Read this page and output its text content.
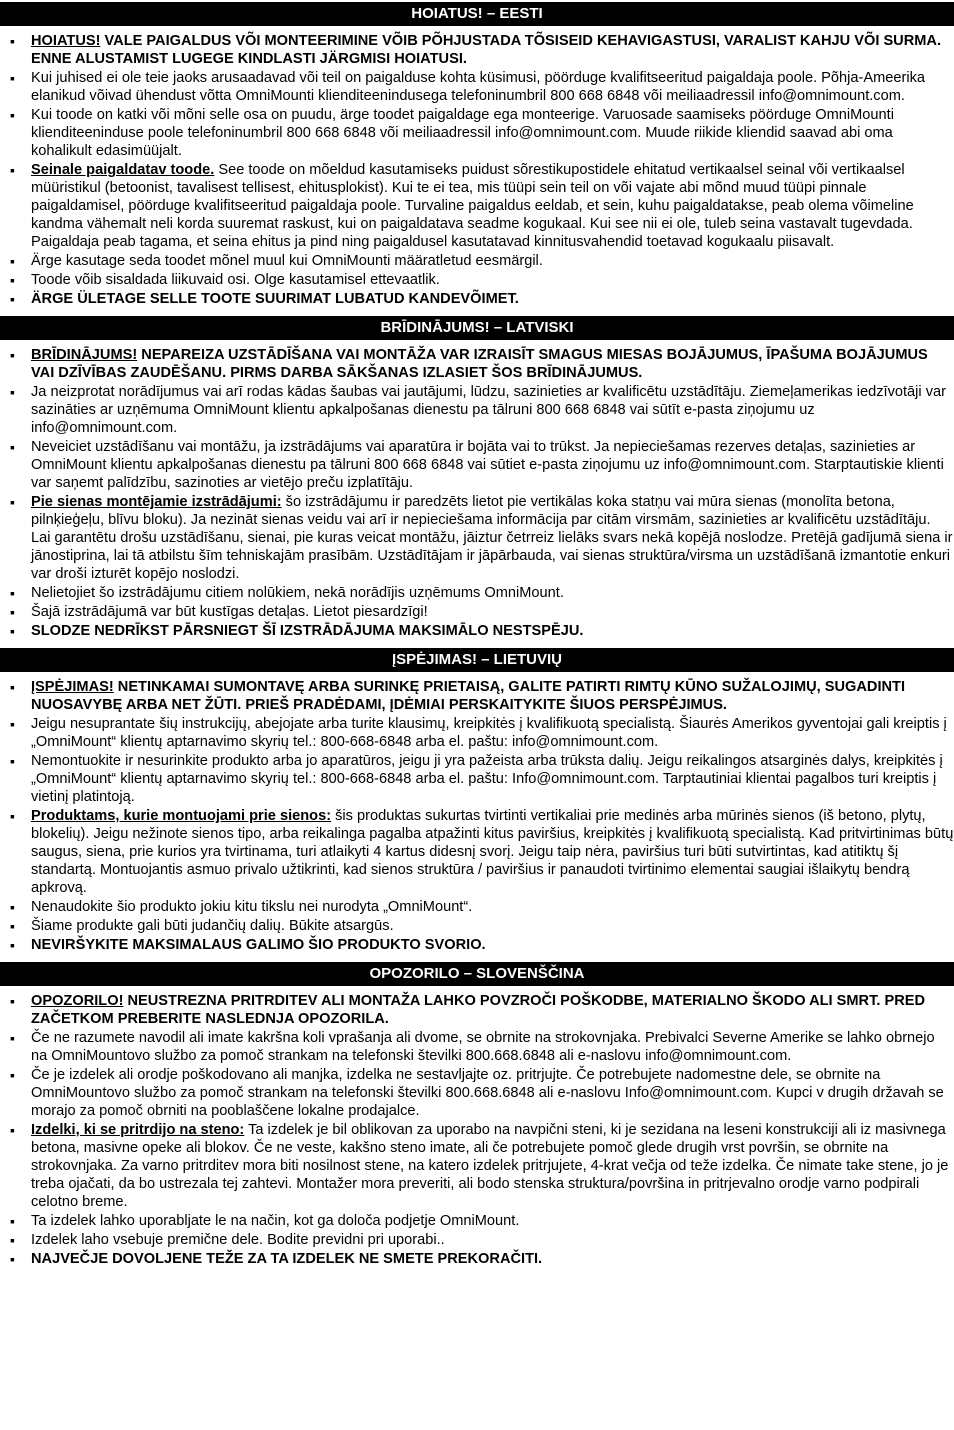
HOIATUS! – EESTI
▪ HOIATUS! VALE PAIGALDUS VÕI MONTEERIMINE VÕIB PÕHJUSTADA TÕSISEID KEHAVIGASTUSI, VARALIST KAHJU VÕI SURMA. ENNE ALUSTAMIST LUGEGE KINDLASTI JÄRGMISI HOIATUSI.
▪ Kui juhised ei ole teie jaoks arusaadavad või teil on paigalduse kohta küsimusi, pöörduge kvalifitseeritud paigaldaja poole. Põhja-Ameerika elanikud võivad ühendust võtta OmniMounti klienditeenindusega telefoninumbril 800 668 6848 või meiliaadressil info@omnimount.com.
▪ Kui toode on katki või mõni selle osa on puudu, ärge toodet paigaldage ega monteerige. Varuosade saamiseks pöörduge OmniMounti klienditeeninduse poole telefoninumbril 800 668 6848 või meiliaadressil info@omnimount.com. Muude riikide kliendid saavad abi oma kohalikult edasimüüjalt.
▪ Seinale paigaldatav toode. See toode on mõeldud kasutamiseks puidust sõrestikupostidele ehitatud vertikaalsel seinal või vertikaalsel müüristikul (betoonist, tavalisest tellisest, ehitusplokist). Kui te ei tea, mis tüüpi sein teil on või vajate abi mõnd muud tüüpi pinnale paigaldamisel, pöörduge kvalifitseeritud paigaldaja poole. Turvaline paigaldus eeldab, et sein, kuhu paigaldatakse, peab olema võimeline kandma vähemalt neli korda suuremat raskust, kui on paigaldatava seadme kogukaal. Kui see nii ei ole, tuleb seina vastavalt tugevdada. Paigaldaja peab tagama, et seina ehitus ja pind ning paigaldusel kasutatavad kinnitusvahendid toetavad kogukaalu piisavalt.
▪ Ärge kasutage seda toodet mõnel muul kui OmniMounti määratletud eesmärgil.
▪ Toode võib sisaldada liikuvaid osi. Olge kasutamisel ettevaatlik.
▪ ÄRGE ÜLETAGE SELLE TOOTE SUURIMAT LUBATUD KANDEVÕIMET.
BRĪDINĀJUMS! – LATVISKI
▪ BRĪDINĀJUMS! NEPAREIZA UZSTĀDĪŠANA VAI MONTĀŽA VAR IZRAISĪT SMAGUS MIESAS BOJĀJUMUS, ĪPAŠUMA BOJĀJUMUS VAI DZĪVĪBAS ZAUDĒŠANU. PIRMS DARBA SĀKŠANAS IZLASIET ŠOS BRĪDINĀJUMUS.
▪ Ja neizprotat norādījumus vai arī rodas kādas šaubas vai jautājumi, lūdzu, sazinieties ar kvalificētu uzstādītāju. Ziemeļamerikas iedzīvotāji var sazināties ar uzņēmuma OmniMount klientu apkalpošanas dienestu pa tālruni 800 668 6848 vai sūtīt e-pasta ziņojumu uz info@omnimount.com.
▪ Neveiciet uzstādīšanu vai montāžu, ja izstrādājums vai aparatūra ir bojāta vai to trūkst. Ja nepieciešamas rezerves detaļas, sazinieties ar OmniMount klientu apkalpošanas dienestu pa tālruni 800 668 6848 vai sūtiet e-pasta ziņojumu uz info@omnimount.com. Starptautiskie klienti var saņemt palīdzību, sazinoties ar vietējo preču izplatītāju.
▪ Pie sienas montējamie izstrādājumi: šo izstrādājumu ir paredzēts lietot pie vertikālas koka statņu vai mūra sienas (monolīta betona, pilnķieģeļu, blīvu bloku). Ja nezināt sienas veidu vai arī ir nepieciešama informācija par citām virsmām, sazinieties ar kvalificētu uzstādītāju. Lai garantētu drošu uzstādīšanu, sienai, pie kuras veicat montāžu, jāiztur četrreiz lielāks svars nekā kopējā noslodze. Pretējā gadījumā siena ir jānostiprina, lai tā atbilstu šīm tehniskajām prasībām. Uzstādītājam ir jāpārbauda, vai sienas struktūra/virsma un uzstādīšanā izmantotie enkuri var droši izturēt kopējo noslodzi.
▪ Nelietojiet šo izstrādājumu citiem nolūkiem, nekā norādījis uzņēmums OmniMount.
▪ Šajā izstrādājumā var būt kustīgas detaļas. Lietot piesardzīgi!
▪ SLODZE NEDRĪKST PĀRSNIEGT ŠĪ IZSTRĀDĀJUMA MAKSIMĀLO NESTSPĒJU.
ĮSPĖJIMAS! – LIETUVIŲ
▪ ĮSPĖJIMAS! NETINKAMAI SUMONTAVĘ ARBA SURINKĘ PRIETAISĄ, GALITE PATIRTI RIMTŲ KŪNO SUŽALOJIMŲ, SUGADINTI NUOSAVYBĘ ARBA NET ŽŪTI. PRIEŠ PRADĖDAMI, ĮDĖMIAI PERSKAITYKITE ŠIUOS PERSPĖJIMUS.
▪ Jeigu nesuprantate šių instrukcijų, abejojate arba turite klausimų, kreipkitės į kvalifikuotą specialistą. Šiaurės Amerikos gyventojai gali kreiptis į „OmniMount“ klientų aptarnavimo skyrių tel.: 800-668-6848 arba el. paštu: info@omnimount.com.
▪ Nemontuokite ir nesurinkite produkto arba jo aparatūros, jeigu ji yra pažeista arba trūksta dalių. Jeigu reikalingos atsarginės dalys, kreipkitės į „OmniMount“ klientų aptarnavimo skyrių tel.: 800-668-6848 arba el. paštu: Info@omnimount.com. Tarptautiniai klientai pagalbos turi kreiptis į vietinį platintoją.
▪ Produktams, kurie montuojami prie sienos: šis produktas sukurtas tvirtinti vertikaliai prie medinės arba mūrinės sienos (iš betono, plytų, blokelių). Jeigu nežinote sienos tipo, arba reikalinga pagalba atpažinti kitus paviršius, kreipkitės į kvalifikuotą specialistą. Kad pritvirtinimas būtų saugus, siena, prie kurios yra tvirtinama, turi atlaikyti 4 kartus didesnį svorį. Jeigu taip nėra, paviršius turi būti sutvirtintas, kad atitiktų šį standartą. Montuojantis asmuo privalo užtikrinti, kad sienos struktūra / paviršius ir panaudoti tvirtinimo elementai saugiai išlaikytų bendrą apkrovą.
▪ Nenaudokite šio produkto jokiu kitu tikslu nei nurodyta „OmniMount“.
▪ Šiame produkte gali būti judančių dalių. Būkite atsargūs.
▪ NEVIRŠYKITE MAKSIMALAUS GALIMO ŠIO PRODUKTO SVORIO.
OPOZORILO – SLOVENŠČINA
▪ OPOZORILO! NEUSTREZNA PRITRDITEV ALI MONTAŽA LAHKO POVZROČI POŠKODBE, MATERIALNO ŠKODO ALI SMRT. PRED ZAČETKOM PREBERITE NASLEDNJA OPOZORILA.
▪ Če ne razumete navodil ali imate kakršna koli vprašanja ali dvome, se obrnite na strokovnjaka. Prebivalci Severne Amerike se lahko obrnejo na OmniMountovo službo za pomoč strankam na telefonski številki 800.668.6848 ali e-naslovu info@omnimount.com.
▪ Če je izdelek ali orodje poškodovano ali manjka, izdelka ne sestavljajte oz. pritrjujte. Če potrebujete nadomestne dele, se obrnite na OmniMountovo službo za pomoč strankam na telefonski številki 800.668.6848 ali e-naslovu Info@omnimount.com. Kupci v drugih državah se morajo za pomoč obrniti na pooblaščene lokalne prodajalce.
▪ Izdelki, ki se pritrdijo na steno: Ta izdelek je bil oblikovan za uporabo na navpični steni, ki je sezidana na leseni konstrukciji ali iz masivnega betona, masivne opeke ali blokov. Če ne veste, kakšno steno imate, ali če potrebujete pomoč glede drugih vrst površin, se obrnite na strokovnjaka. Za varno pritrditev mora biti nosilnost stene, na katero izdelek pritrjujete, 4-krat večja od teže izdelka. Če nimate take stene, jo je treba ojačati, da bo ustrezala tej zahtevi. Montažer mora preveriti, ali bodo stenska struktura/površina in pritrjevalno orodje varno podpirali celotno breme.
▪ Ta izdelek lahko uporabljate le na način, kot ga določa podjetje OmniMount.
▪ Izdelek laho vsebuje premične dele. Bodite previdni pri uporabi..
▪ NAJVEČJE DOVOLJENE TEŽE ZA TA IZDELEK NE SMETE PREKORAČITI.
